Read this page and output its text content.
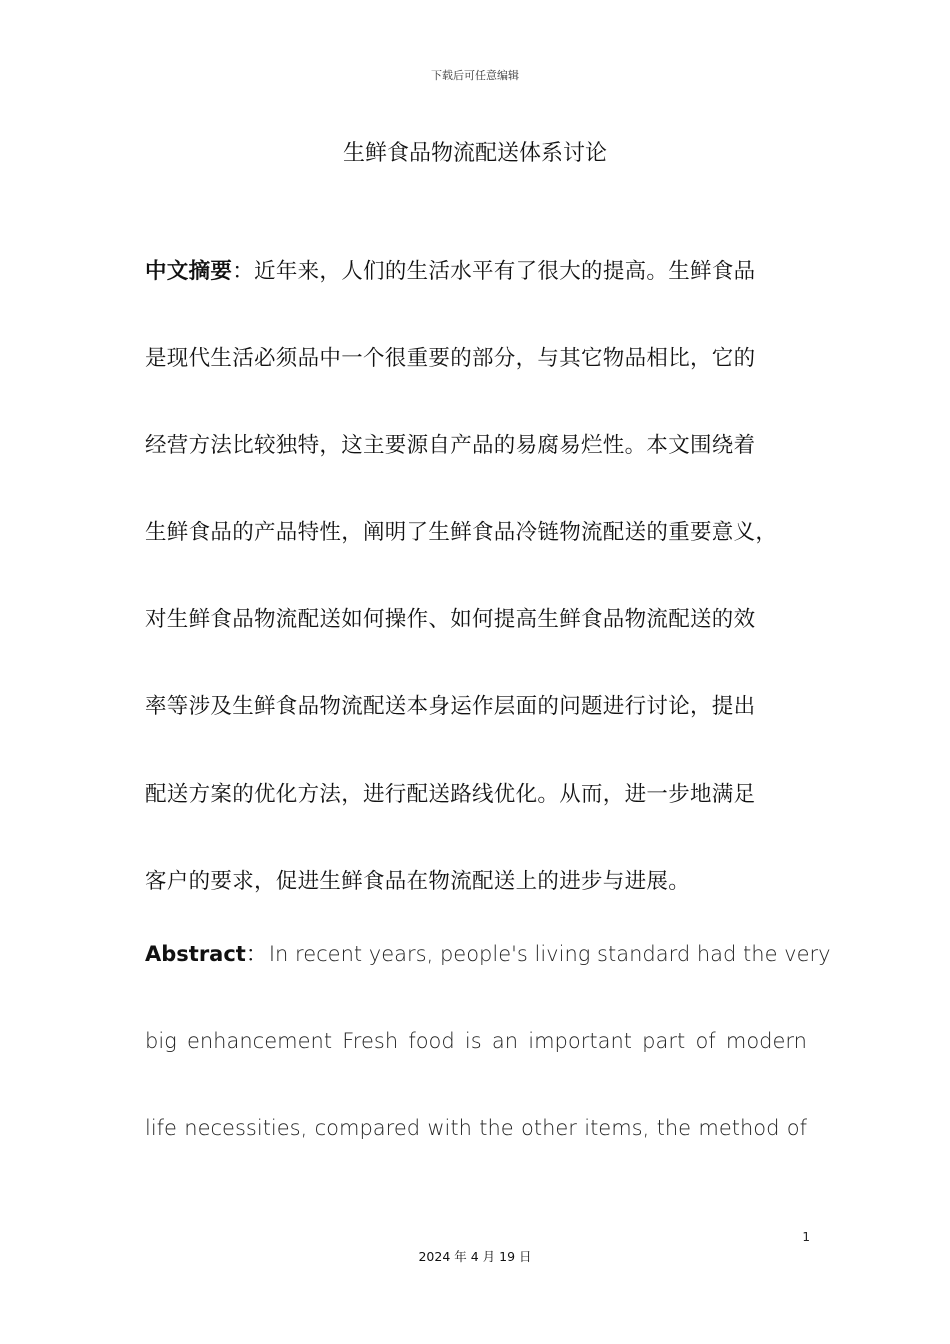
下载后可任意编辑
生鲜食品物流配送体系讨论
中文摘要：近年来，人们的生活水平有了很大的提高。生鲜食品
是现代生活必须品中一个很重要的部分，与其它物品相比，它的
经营方法比较独特，这主要源自产品的易腐易烂性。本文围绕着
生鲜食品的产品特性，阐明了生鲜食品冷链物流配送的重要意义，
对生鲜食品物流配送如何操作、如何提高生鲜食品物流配送的效
率等涉及生鲜食品物流配送本身运作层面的问题进行讨论，提出
配送方案的优化方法，进行配送路线优化。从而，进一步地满足
客户的要求，促进生鲜食品在物流配送上的进步与进展。
Abstract：In recent years, people's living standard had the very
big enhancement Fresh food is an important part of modern
life necessities, compared with the other items, the method of
1
2024 年 4 月 19 日
